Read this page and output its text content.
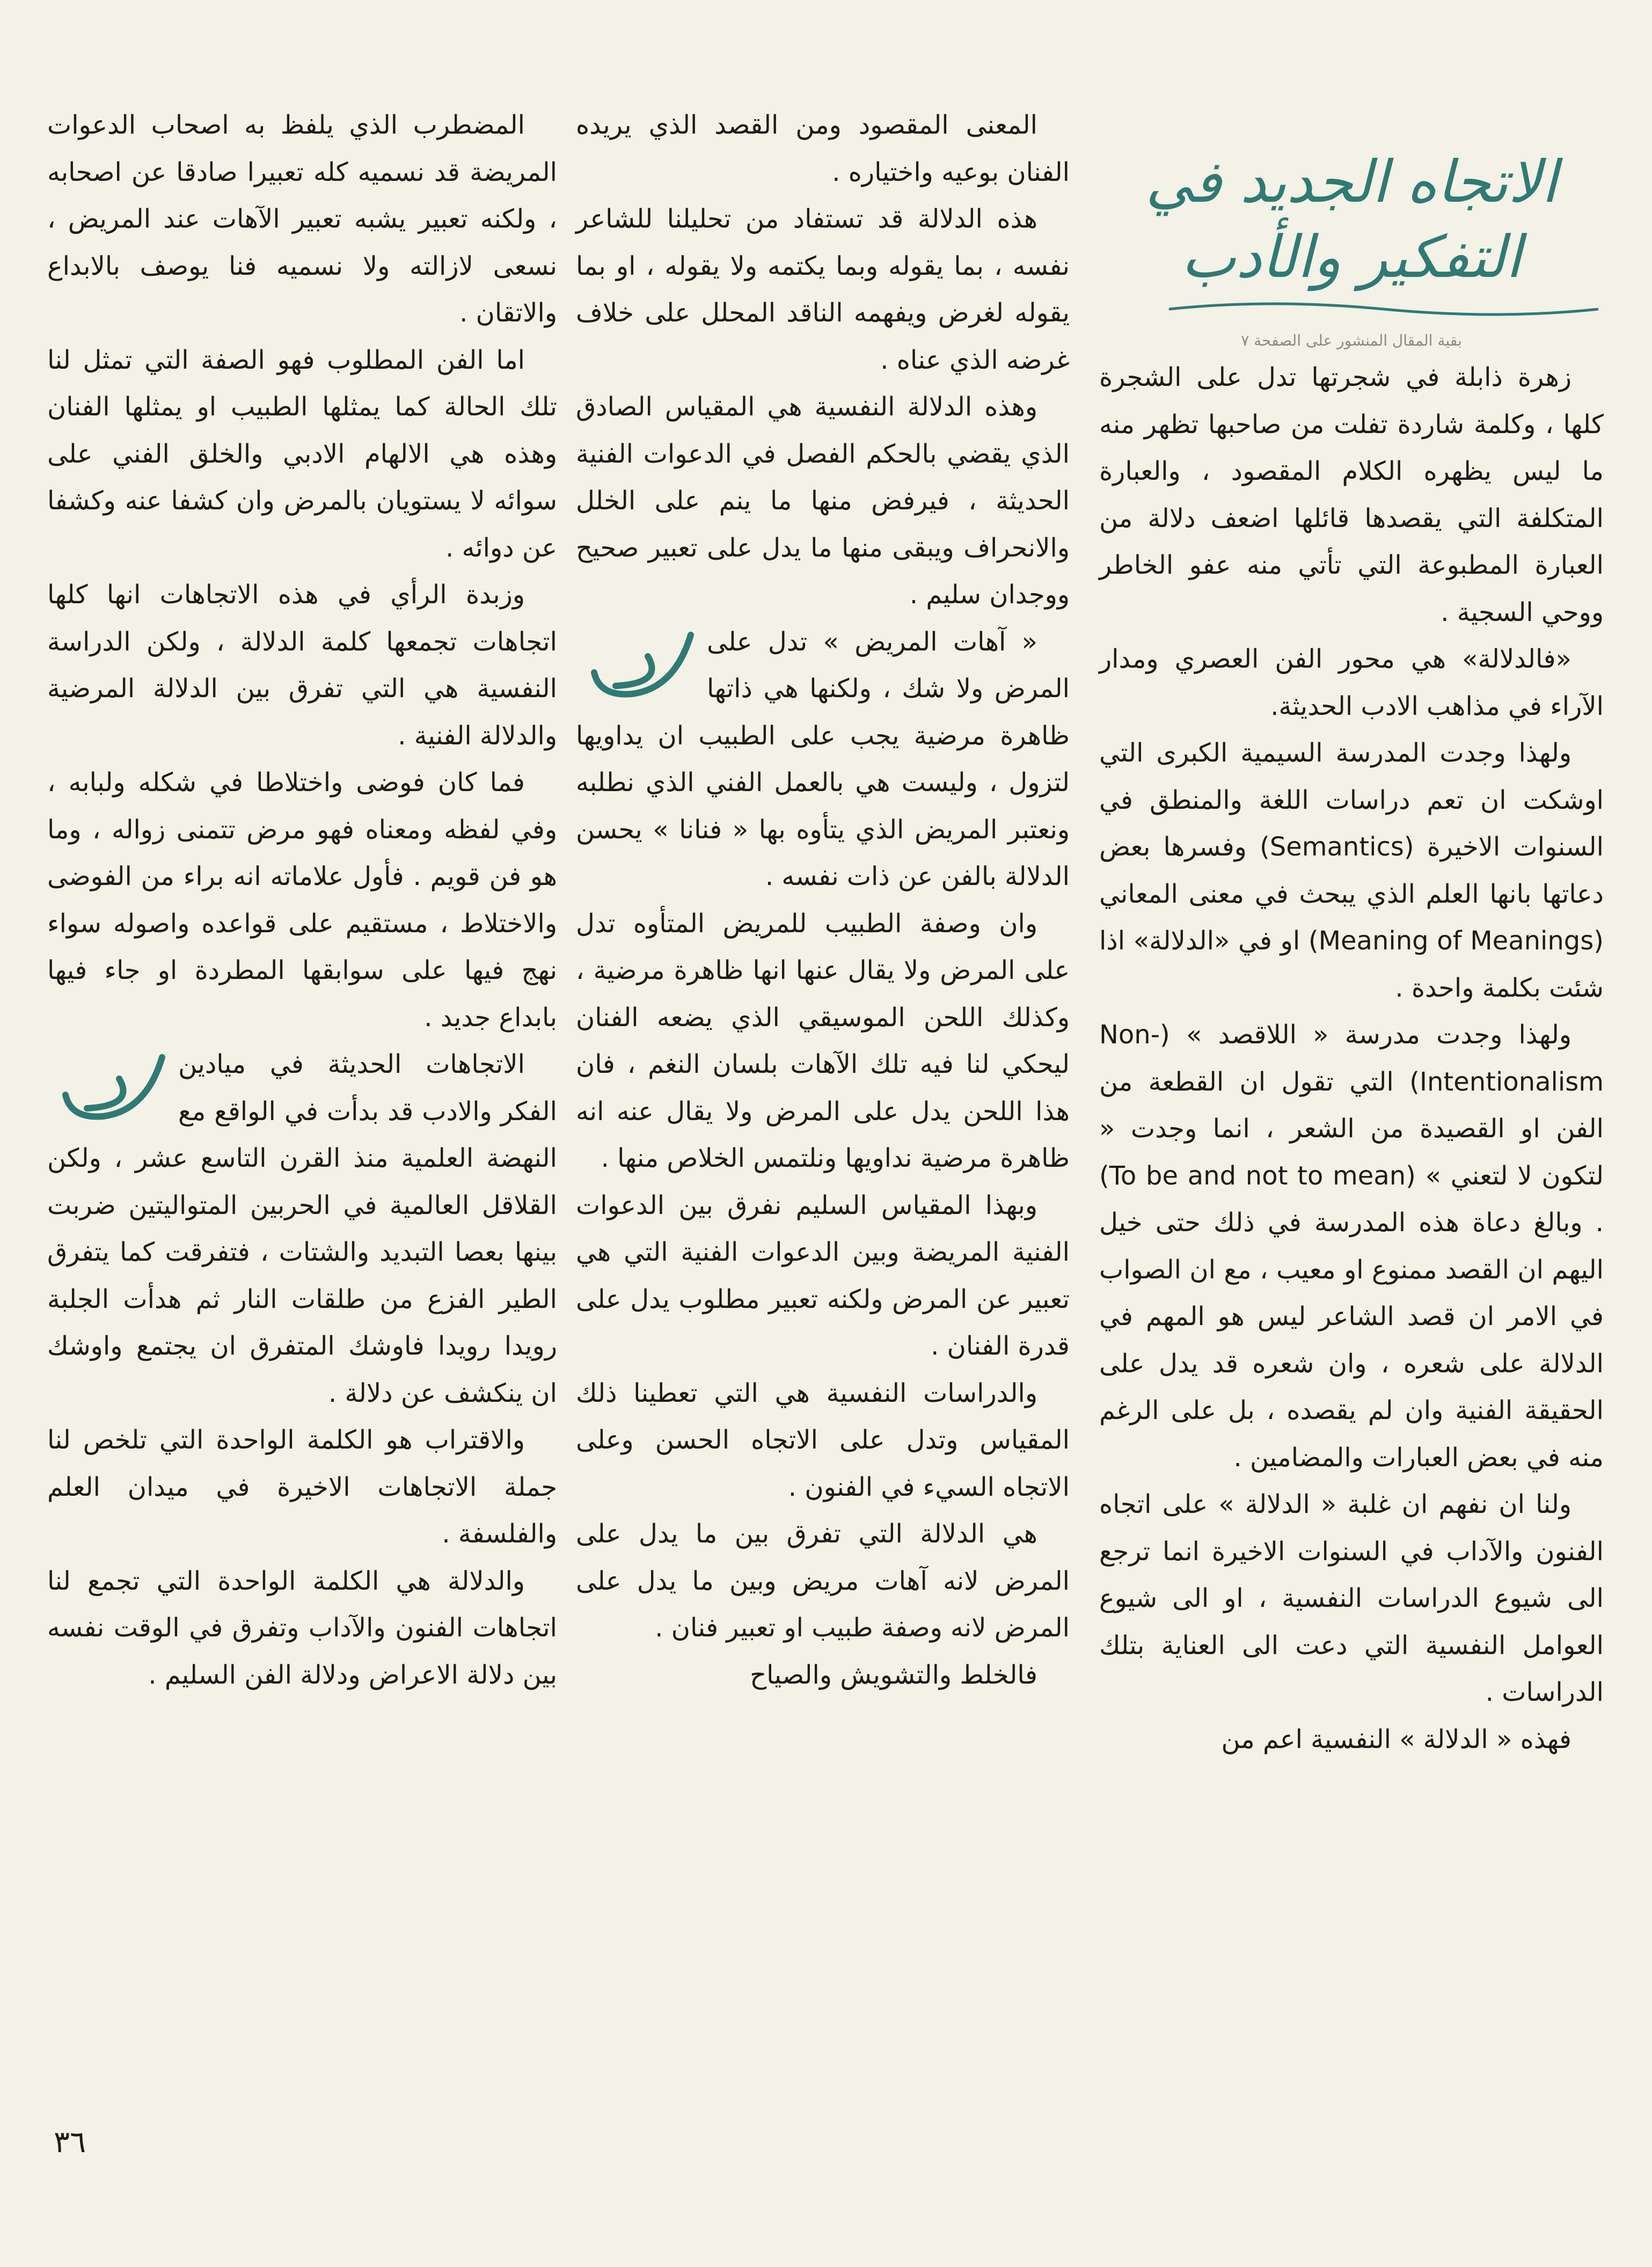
الاتجاه الجديد في التفكير والأدب
بقية المقال المنشور على الصفحة ٧

زهرة ذابلة في شجرتها تدل على الشجرة كلها ، وكلمة شاردة تفلت من صاحبها تظهر منه ما ليس يظهره الكلام المقصود ، والعبارة المتكلفة التي يقصدها قائلها اضعف دلالة من العبارة المطبوعة التي تأتي منه عفو الخاطر ووحي السجية .

«فالدلالة» هي محور الفن العصري ومدار الآراء في مذاهب الادب الحديثة.

ولهذا وجدت المدرسة السيمية الكبرى التي اوشكت ان تعم دراسات اللغة والمنطق في السنوات الاخيرة (Semantics) وفسرها بعض دعاتها بانها العلم الذي يبحث في معنى المعاني (Meaning of Meanings) او في «الدلالة» اذا شئت بكلمة واحدة .

ولهذا وجدت مدرسة « اللاقصد » (Non-Intentionalism) التي تقول ان القطعة من الفن او القصيدة من الشعر ، انما وجدت « لتكون لا لتعني » (To be and not to mean) . وبالغ دعاة هذه المدرسة في ذلك حتى خيل اليهم ان القصد ممنوع او معيب ، مع ان الصواب في الامر ان قصد الشاعر ليس هو المهم في الدلالة على شعره ، وان شعره قد يدل على الحقيقة الفنية وان لم يقصده ، بل على الرغم منه في بعض العبارات والمضامين .

ولنا ان نفهم ان غلبة « الدلالة » على اتجاه الفنون والآداب في السنوات الاخيرة انما ترجع الى شيوع الدراسات النفسية ، او الى شيوع العوامل النفسية التي دعت الى العناية بتلك الدراسات .

فهذه « الدلالة » النفسية اعم من

المعنى المقصود ومن القصد الذي يريده الفنان بوعيه واختياره .

هذه الدلالة قد تستفاد من تحليلنا للشاعر نفسه ، بما يقوله وبما يكتمه ولا يقوله ، او بما يقوله لغرض ويفهمه الناقد المحلل على خلاف غرضه الذي عناه .

وهذه الدلالة النفسية هي المقياس الصادق الذي يقضي بالحكم الفصل في الدعوات الفنية الحديثة ، فيرفض منها ما ينم على الخلل والانحراف ويبقى منها ما يدل على تعبير صحيح ووجدان سليم .

« آهات المريض » تدل على المرض ولا شك ، ولكنها هي ذاتها ظاهرة مرضية يجب على الطبيب ان يداويها لتزول ، وليست هي بالعمل الفني الذي نطلبه ونعتبر المريض الذي يتأوه بها « فنانا » يحسن الدلالة بالفن عن ذات نفسه .

وان وصفة الطبيب للمريض المتأوه تدل على المرض ولا يقال عنها انها ظاهرة مرضية ، وكذلك اللحن الموسيقي الذي يضعه الفنان ليحكي لنا فيه تلك الآهات بلسان النغم ، فان هذا اللحن يدل على المرض ولا يقال عنه انه ظاهرة مرضية نداويها ونلتمس الخلاص منها .

وبهذا المقياس السليم نفرق بين الدعوات الفنية المريضة وبين الدعوات الفنية التي هي تعبير عن المرض ولكنه تعبير مطلوب يدل على قدرة الفنان .

والدراسات النفسية هي التي تعطينا ذلك المقياس وتدل على الاتجاه الحسن وعلى الاتجاه السيء في الفنون .

هي الدلالة التي تفرق بين ما يدل على المرض لانه آهات مريض وبين ما يدل على المرض لانه وصفة طبيب او تعبير فنان .

فالخلط والتشويش والصياح

المضطرب الذي يلفظ به اصحاب الدعوات المريضة قد نسميه كله تعبيرا صادقا عن اصحابه ، ولكنه تعبير يشبه تعبير الآهات عند المريض ، نسعى لازالته ولا نسميه فنا يوصف بالابداع والاتقان .

اما الفن المطلوب فهو الصفة التي تمثل لنا تلك الحالة كما يمثلها الطبيب او يمثلها الفنان وهذه هي الالهام الادبي والخلق الفني على سوائه لا يستويان بالمرض وان كشفا عنه وكشفا عن دوائه .

وزبدة الرأي في هذه الاتجاهات انها كلها اتجاهات تجمعها كلمة الدلالة ، ولكن الدراسة النفسية هي التي تفرق بين الدلالة المرضية والدلالة الفنية .

فما كان فوضى واختلاطا في شكله ولبابه ، وفي لفظه ومعناه فهو مرض تتمنى زواله ، وما هو فن قويم . فأول علاماته انه براء من الفوضى والاختلاط ، مستقيم على قواعده واصوله سواء نهج فيها على سوابقها المطردة او جاء فيها بابداع جديد .

الاتجاهات الحديثة في ميادين الفكر والادب قد بدأت في الواقع مع النهضة العلمية منذ القرن التاسع عشر ، ولكن القلاقل العالمية في الحربين المتواليتين ضربت بينها بعصا التبديد والشتات ، فتفرقت كما يتفرق الطير الفزع من طلقات النار ثم هدأت الجلبة رويدا رويدا فاوشك المتفرق ان يجتمع واوشك ان ينكشف عن دلالة .

والاقتراب هو الكلمة الواحدة التي تلخص لنا جملة الاتجاهات الاخيرة في ميدان العلم والفلسفة .

والدلالة هي الكلمة الواحدة التي تجمع لنا اتجاهات الفنون والآداب وتفرق في الوقت نفسه بين دلالة الاعراض ودلالة الفن السليم .

٣٦
